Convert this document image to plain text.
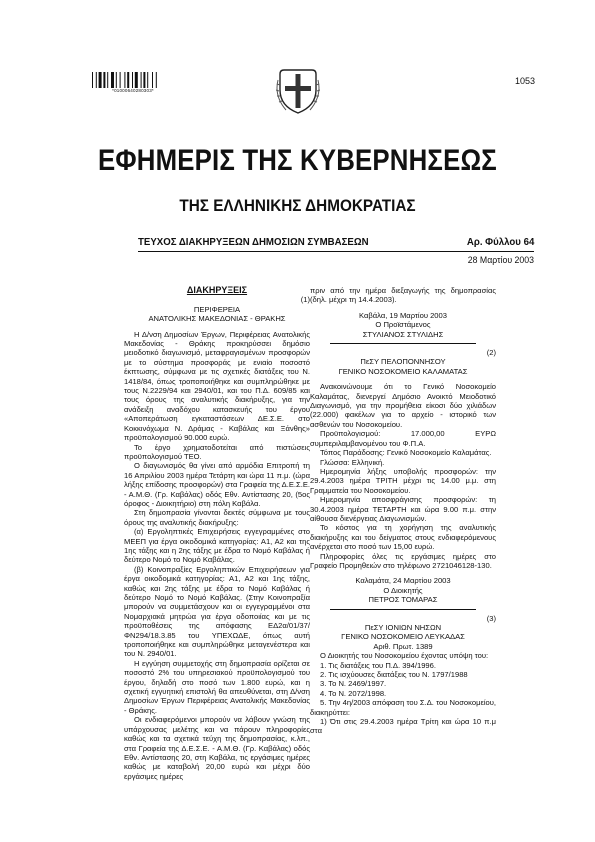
*01000640280303*
1053
ΕΦΗΜΕΡΙΣ ΤΗΣ ΚΥΒΕΡΝΗΣΕΩΣ
ΤΗΣ ΕΛΛΗΝΙΚΗΣ ΔΗΜΟΚΡΑΤΙΑΣ
ΤΕΥΧΟΣ ΔΙΑΚΗΡΥΞΕΩΝ ΔΗΜΟΣΙΩΝ ΣΥΜΒΑΣΕΩΝ	Αρ. Φύλλου 64
28 Μαρτίου 2003

ΔΙΑΚΗΡΥΞΕΙΣ

(1)

ΠΕΡΙΦΕΡΕΙΑ

ΑΝΑΤΟΛΙΚΗΣ ΜΑΚΕΔΟΝΙΑΣ - ΘΡΑΚΗΣ

Η Δ/νση Δημοσίων Έργων, Περιφέρειας Ανατολικής Μακεδονίας - Θράκης προκηρύσσει δημόσιο μειοδοτικό διαγωνισμό, μεταφραγισμένων προσφορών με το σύστημα προσφοράς με ενιαίο ποσοστό έκπτωσης, σύμφωνα με τις σχετικές διατάξεις του Ν. 1418/84, όπως τροποποιήθηκε και συμπληρώθηκε με τους Ν.2229/94 και 2940/01, και του Π.Δ. 609/85 και τους όρους της αναλυτικής διακήρυξης, για την ανάδειξη αναδόχου κατασκευής του έργου «Αποπεράτωση εγκαταστάσεων ΔΕ.Σ.Ε. στο Κοκκινόχωμα Ν. Δράμας - Καβάλας και Ξάνθης» προϋπολογισμού 90.000 ευρώ.

Το έργο χρηματοδοτείται από πιστώσεις προϋπολογισμού ΤΕΟ.

Ο διαγωνισμός θα γίνει από αρμόδια Επιτροπή τη 16 Απριλίου 2003 ημέρα Τετάρτη και ώρα 11 π.μ. (ώρα λήξης επίδοσης προσφορών) στα Γραφεία της Δ.Ε.Σ.Ε. - Α.Μ.Θ. (Γρ. Καβάλας) οδός Εθν. Αντίστασης 20, (5ος όροφος - Διοικητήριο) στη πόλη Καβάλα.

Στη δημοπρασία γίνονται δεκτές σύμφωνα με τους όρους της αναλυτικής διακήρυξης:

(α) Εργοληπτικές Επιχειρήσεις εγγεγραμμένες στο ΜΕΕΠ για έργα οικοδομικά κατηγορίας: Α1, Α2 και της 1ης τάξης και η 2ης τάξης με έδρα το Νομό Καβάλας ή δεύτερο Νομό το Νομό Καβάλας.

(β) Κοινοπραξίες Εργοληπτικών Επιχειρήσεων για έργα οικοδομικά κατηγορίας: Α1, Α2 και 1ης τάξης, καθώς και 2ης τάξης με έδρα το Νομό Καβάλας ή δεύτερο Νομό το Νομό Καβάλας. (Στην Κοινοπραξία μπορούν να συμμετάσχουν και οι εγγεγραμμένοι στα Νομαρχιακά μητρώα για έργα οδοποιίας και με τις προϋποθέσεις της απόφασης ΕΔ2α/01/37/ΦΝ294/18.3.85 του ΥΠΕΧΩΔΕ, όπως αυτή τροποποιήθηκε και συμπληρώθηκε μεταγενέστερα και του Ν. 2940/01.

Η εγγύηση συμμετοχής στη δημοπρασία ορίζεται σε ποσοστό 2% του υπηρεσιακού προϋπολογισμού του έργου, δηλαδή στο ποσό των 1.800 ευρώ, και η σχετική εγγυητική επιστολή θα απευθύνεται, στη Δ/νση Δημοσίων Έργων Περιφέρειας Ανατολικής Μακεδονίας - Θράκης.

Οι ενδιαφερόμενοι μπορούν να λάβουν γνώση της υπάρχουσας μελέτης και να πάρουν πληροφορίες καθώς και τα σχετικά τεύχη της δημοπρασίας, κ.λπ., στα Γραφεία της Δ.Ε.Σ.Ε. - Α.Μ.Θ. (Γρ. Καβάλας) οδός Εθν. Αντίστασης 20, στη Καβάλα, τις εργάσιμες ημέρες καθώς με καταβολή 20,00 ευρώ και μέχρι δύο εργάσιμες ημέρες

πριν από την ημέρα διεξαγωγής της δημοπρασίας (δηλ. μέχρι τη 14.4.2003).

Καβάλα, 19 Μαρτίου 2003

Ο Προϊστάμενος

ΣΤΥΛΙΑΝΟΣ ΣΤΥΛΙΔΗΣ

(2)

ΠεΣΥ ΠΕΛΟΠΟΝΝΗΣΟΥ

ΓΕΝΙΚΟ ΝΟΣΟΚΟΜΕΙΟ ΚΑΛΑΜΑΤΑΣ

Ανακοινώνουμε ότι το Γενικό Νοσοκομείο Καλαμάτας, διενεργεί Δημόσιο Ανοικτό Μειοδοτικό Διαγωνισμό, για την προμήθεια είκοσι δύο χιλιάδων (22.000) φακέλων για το αρχείο - ιστορικό των ασθενών του Νοσοκομείου.

Προϋπολογισμού: 17.000,00 ΕΥΡΩ συμπεριλαμβανομένου του Φ.Π.Α.

Τόπος Παράδοσης: Γενικό Νοσοκομείο Καλαμάτας.

Γλώσσα: Ελληνική.

Ημερομηνία λήξης υποβολής προσφορών: την 29.4.2003 ημέρα ΤΡΙΤΗ μέχρι τις 14.00 μ.μ. στη Γραμματεία του Νοσοκομείου.

Ημερομηνία αποσφράγισης προσφορών: τη 30.4.2003 ημέρα ΤΕΤΑΡΤΗ και ώρα 9.00 π.μ. στην αίθουσα διενέργειας Διαγωνισμών.

Το κόστος για τη χορήγηση της αναλυτικής διακήρυξης και του δείγματος στους ενδιαφερόμενους ανέρχεται στο ποσό των 15,00 ευρώ.

Πληροφορίες όλες τις εργάσιμες ημέρες στο Γραφείο Προμηθειών στο τηλέφωνο 2721046128-130.

Καλαμάτα, 24 Μαρτίου 2003

Ο Διοικητής

ΠΕΤΡΟΣ ΤΟΜΑΡΑΣ

(3)

ΠεΣΥ ΙΟΝΙΩΝ ΝΗΣΩΝ

ΓΕΝΙΚΟ ΝΟΣΟΚΟΜΕΙΟ ΛΕΥΚΑΔΑΣ

Αριθ. Πρωτ. 1389

Ο Διοικητής του Νοσοκομείου έχοντας υπόψη του:

1. Τις διατάξεις του Π.Δ. 394/1996.

2. Τις ισχύουσες διατάξεις του Ν. 1797/1988

3. Το Ν. 2469/1997.

4. Το Ν. 2072/1998.

5. Την 4η/2003 απόφαση του Σ.Δ. του Νοσοκομείου, διακηρύττει:

1) Ότι στις 29.4.2003 ημέρα Τρίτη και ώρα 10 π.μ στα
